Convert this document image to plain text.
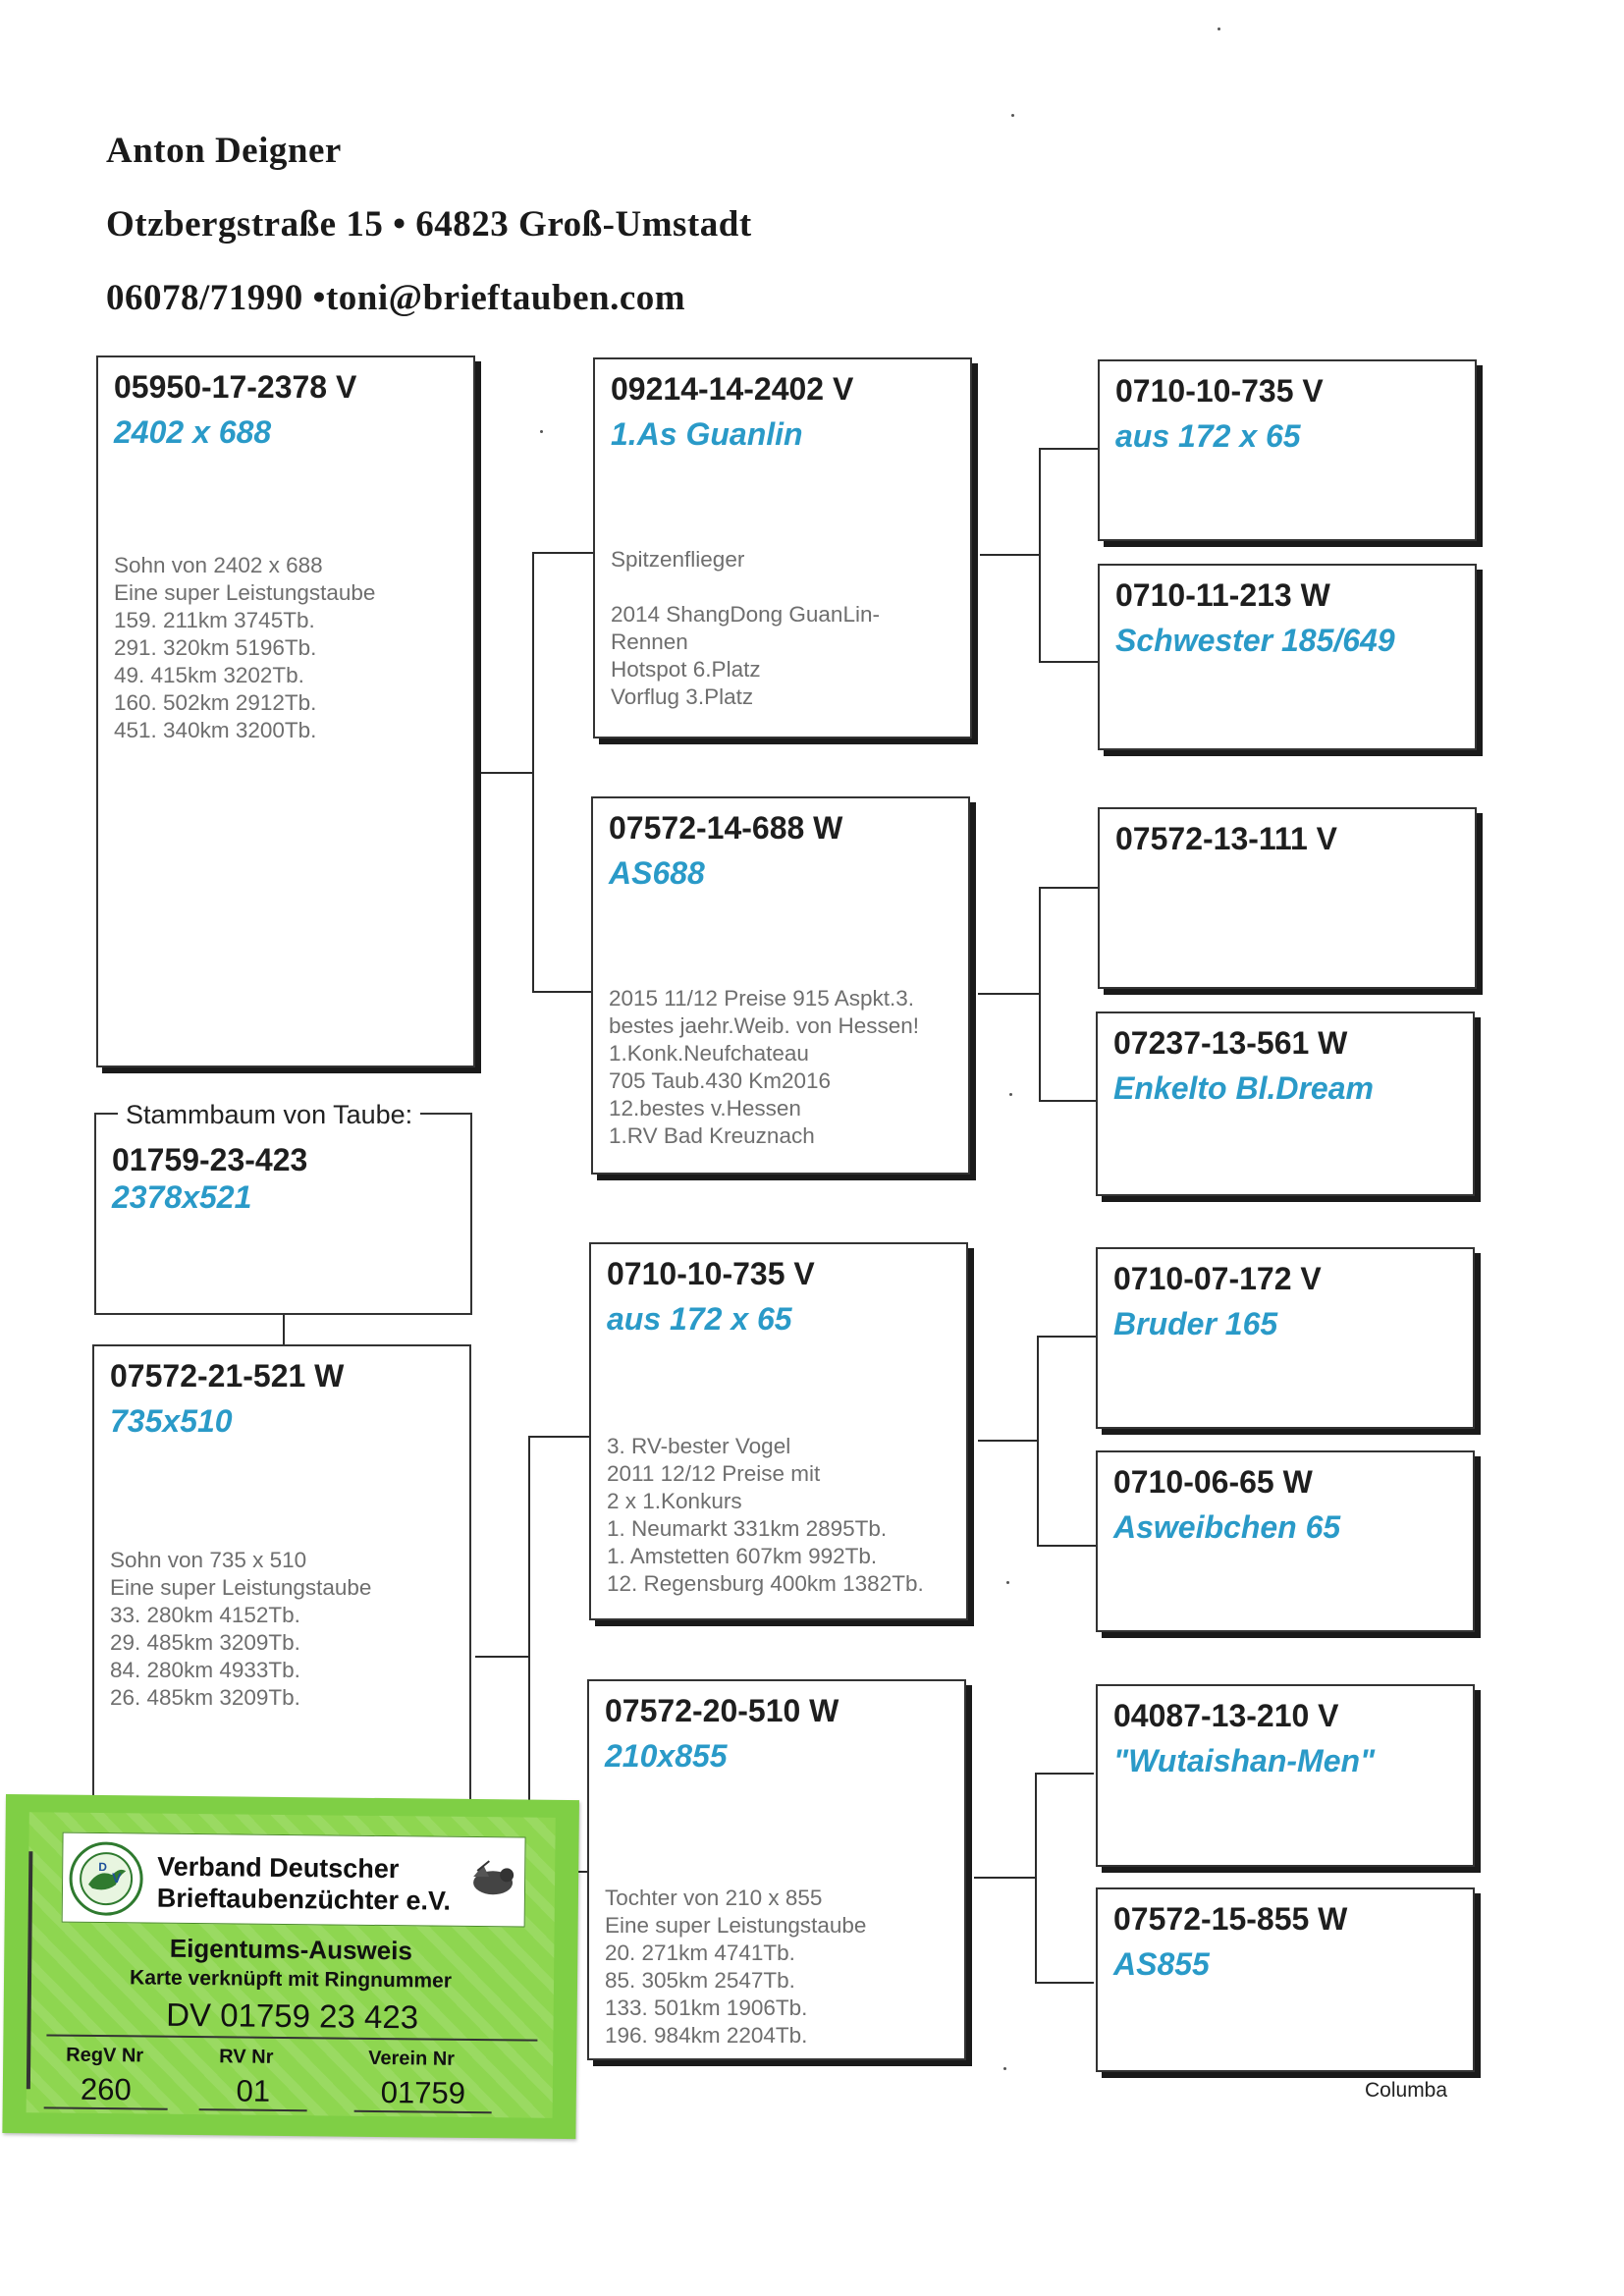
Anton Deigner
Otzbergstraße 15 • 64823 Groß-Umstadt
06078/71990 •toni@brieftauben.com
05950-17-2378 V
2402 x 688
Sohn von 2402 x 688
Eine super Leistungstaube
159. 211km 3745Tb.
291. 320km 5196Tb.
49. 415km 3202Tb.
160. 502km 2912Tb.
451. 340km 3200Tb.
Stammbaum von Taube:
01759-23-423
2378x521
07572-21-521 W
735x510
Sohn von 735 x 510
Eine super Leistungstaube
33. 280km 4152Tb.
29. 485km 3209Tb.
84. 280km 4933Tb.
26. 485km 3209Tb.
09214-14-2402 V
1.As Guanlin
Spitzenflieger
2014 ShangDong GuanLin-
Rennen
Hotspot 6.Platz
Vorflug 3.Platz
07572-14-688 W
AS688
2015 11/12 Preise 915 Aspkt.3.
bestes jaehr.Weib. von Hessen!
1.Konk.Neufchateau
705 Taub.430 Km2016
12.bestes v.Hessen
1.RV Bad Kreuznach
0710-10-735 V
aus 172 x 65
3. RV-bester Vogel
2011 12/12 Preise mit
2 x 1.Konkurs
1. Neumarkt 331km 2895Tb.
1. Amstetten 607km 992Tb.
12. Regensburg 400km 1382Tb.
07572-20-510 W
210x855
Tochter von 210 x 855
Eine super Leistungstaube
20. 271km 4741Tb.
85. 305km 2547Tb.
133. 501km 1906Tb.
196. 984km 2204Tb.
0710-10-735 V
aus 172 x 65
0710-11-213 W
Schwester 185/649
07572-13-111 V
07237-13-561 W
Enkelto Bl.Dream
0710-07-172 V
Bruder 165
0710-06-65 W
Asweibchen 65
04087-13-210 V
"Wutaishan-Men"
07572-15-855 W
AS855
Columba
V
D Verband Deutscher
Brieftaubenzüchter e.V.
Eigentums-Ausweis
Karte verknüpft mit Ringnummer
DV 01759 23 423
RegV Nr	RV Nr	Verein Nr
260	01	01759
